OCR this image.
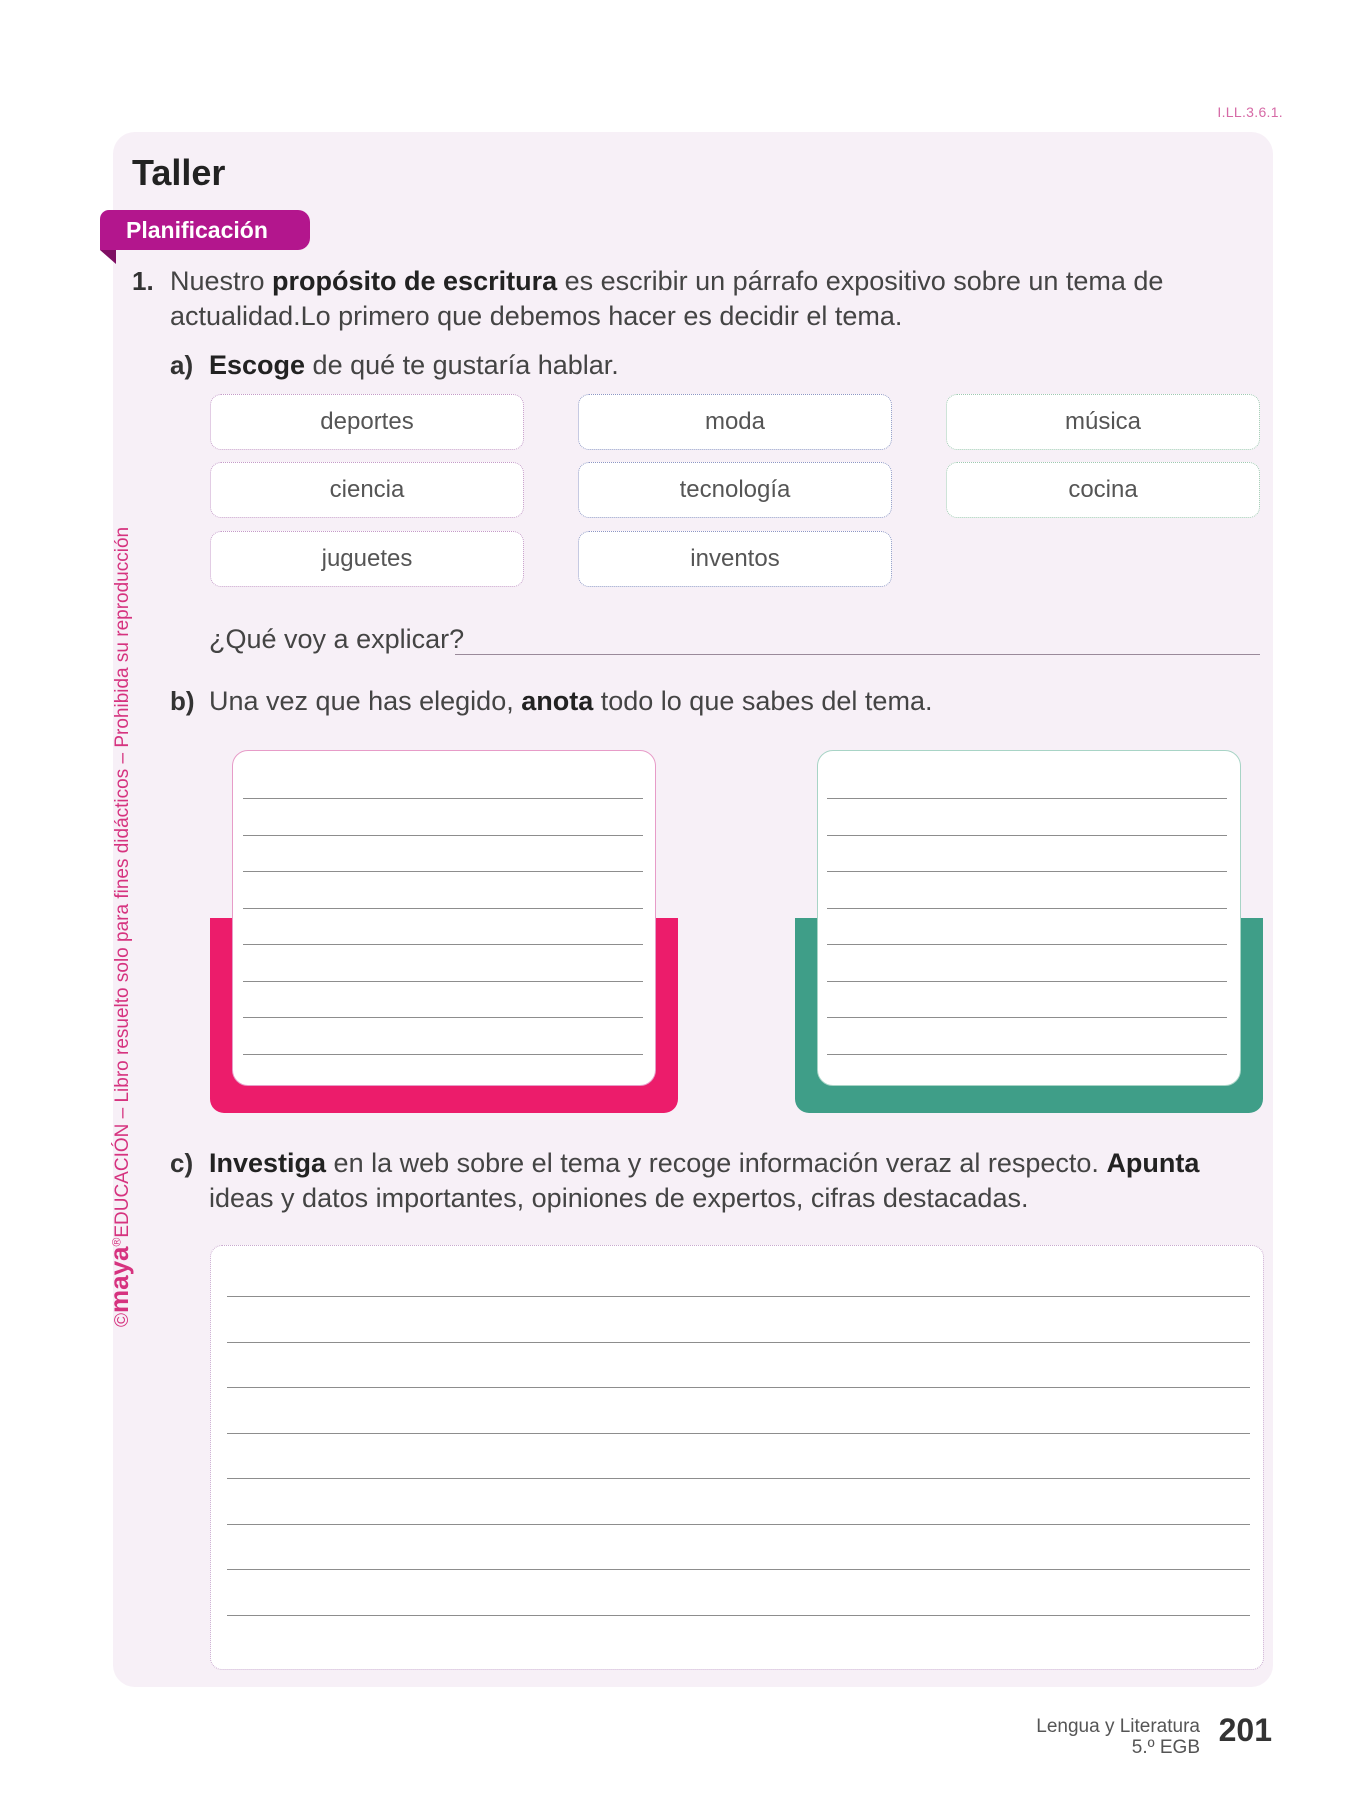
I.LL.3.6.1.
Taller
Planificación
1. Nuestro propósito de escritura es escribir un párrafo expositivo sobre un tema de actualidad.Lo primero que debemos hacer es decidir el tema.
a) Escoge de qué te gustaría hablar.
deportes	moda	música
ciencia	tecnología	cocina
juguetes	inventos
¿Qué voy a explicar?
b) Una vez que has elegido, anota todo lo que sabes del tema.
c) Investiga en la web sobre el tema y recoge información veraz al respecto. Apunta ideas y datos importantes, opiniones de expertos, cifras destacadas.
©maya®EDUCACIÓN – Libro resuelto solo para fines didácticos – Prohibida su reproducción
Lengua y Literatura
5.º EGB 201
